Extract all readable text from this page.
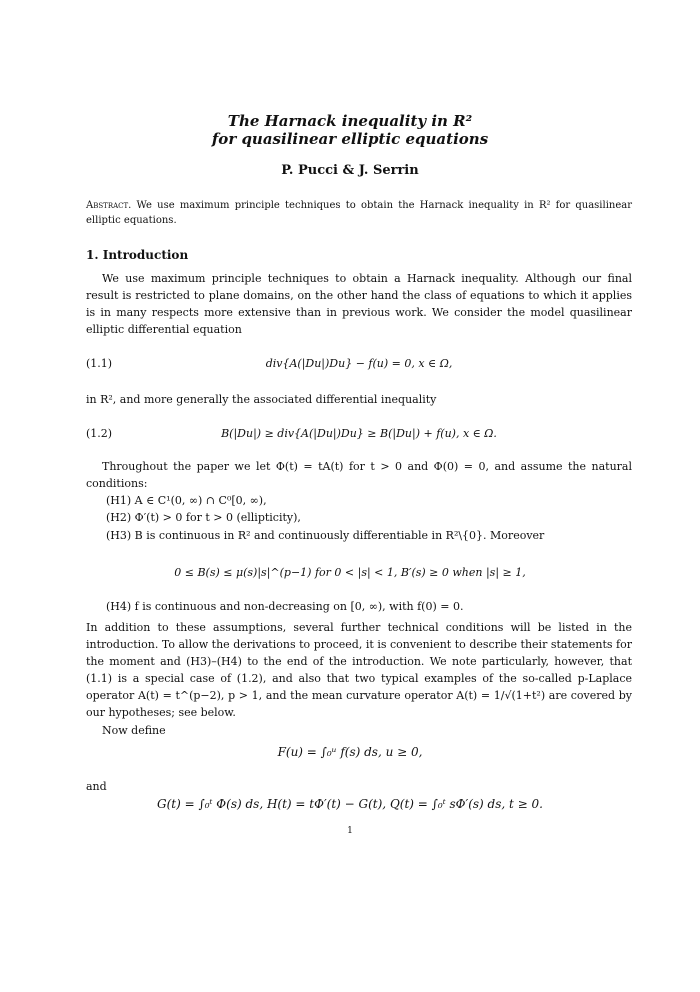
The Harnack inequality in R²
for quasilinear elliptic equations
P. Pucci & J. Serrin
Abstract. We use maximum principle techniques to obtain the Harnack inequality in R² for quasilinear elliptic equations.
1. Introduction
We use maximum principle techniques to obtain a Harnack inequality. Although our final result is restricted to plane domains, on the other hand the class of equations to which it applies is in many respects more extensive than in previous work. We consider the model quasilinear elliptic differential equation
(1.1)	div{A(|Du|)Du} − f(u) = 0, x ∈ Ω,
in R², and more generally the associated differential inequality
(1.2)	B(|Du|) ≥ div{A(|Du|)Du} ≥ B(|Du|) + f(u), x ∈ Ω.
Throughout the paper we let Φ(t) = tA(t) for t > 0 and Φ(0) = 0, and assume the natural conditions:
(H1) A ∈ C¹(0, ∞) ∩ C⁰[0, ∞),
(H2) Φ′(t) > 0 for t > 0 (ellipticity),
(H3) B is continuous in R² and continuously differentiable in R²\{0}. Moreover
0 ≤ B(s) ≤ μ(s)|s|^(p−1) for 0 < |s| < 1, B′(s) ≥ 0 when |s| ≥ 1,
(H4) f is continuous and non-decreasing on [0, ∞), with f(0) = 0.
In addition to these assumptions, several further technical conditions will be listed in the introduction. To allow the derivations to proceed, it is convenient to describe their statements for the moment and (H3)–(H4) to the end of the introduction. We note particularly, however, that (1.1) is a special case of (1.2), and also that two typical examples of the so-called p-Laplace operator A(t) = t^(p−2), p > 1, and the mean curvature operator A(t) = 1/√(1+t²) are covered by our hypotheses; see below.
Now define
F(u) = ∫₀ᵘ f(s) ds, u ≥ 0,
and
G(t) = ∫₀ᵗ Φ(s) ds, H(t) = tΦ′(t) − G(t), Q(t) = ∫₀ᵗ sΦ′(s) ds, t ≥ 0.
1
